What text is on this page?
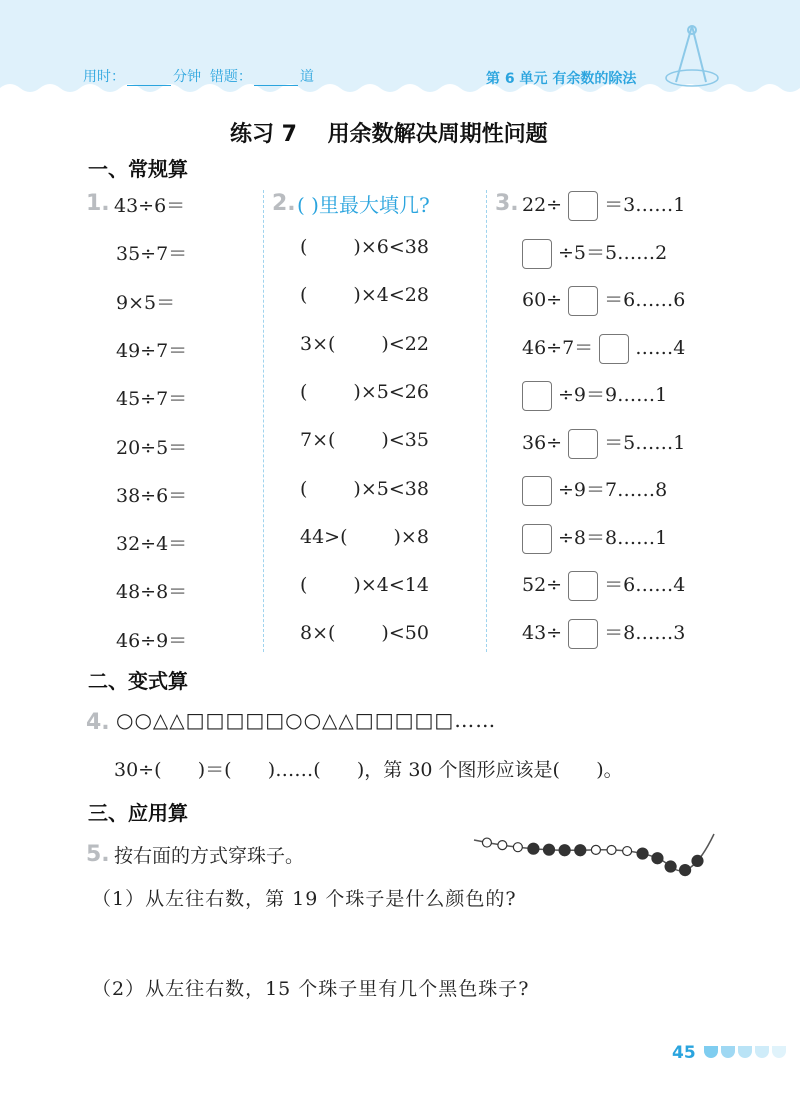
用时：	分钟 错题：	道	第 6 单元 有余数的除法
练习 7    用余数解决周期性问题
一、常规算
1. 43÷6＝
35÷7＝
9×5＝
49÷7＝
45÷7＝
20÷5＝
38÷6＝
32÷4＝
48÷8＝
46÷9＝
2. ( )里最大填几?
( )×6<38
( )×4<28
3×( )<22
( )×5<26
7×( )<35
( )×5<38
44>( )×8
( )×4<14
8×( )<50
3. 22÷ ＝3……1
÷5＝5……2
60÷ ＝6……6
46÷7＝ ……4
÷9＝9……1
36÷ ＝5……1
÷9＝7……8
÷8＝8……1
52÷ ＝6……4
43÷ ＝8……3
二、变式算
4. ○○△△□□□□□○○△△□□□□□……
30÷(      )＝(      )……(      )，第 30 个图形应该是(      )。
三、应用算
5. 按右面的方式穿珠子。
（1）从左往右数，第 19 个珠子是什么颜色的?
（2）从左往右数，15 个珠子里有几个黑色珠子?
45
